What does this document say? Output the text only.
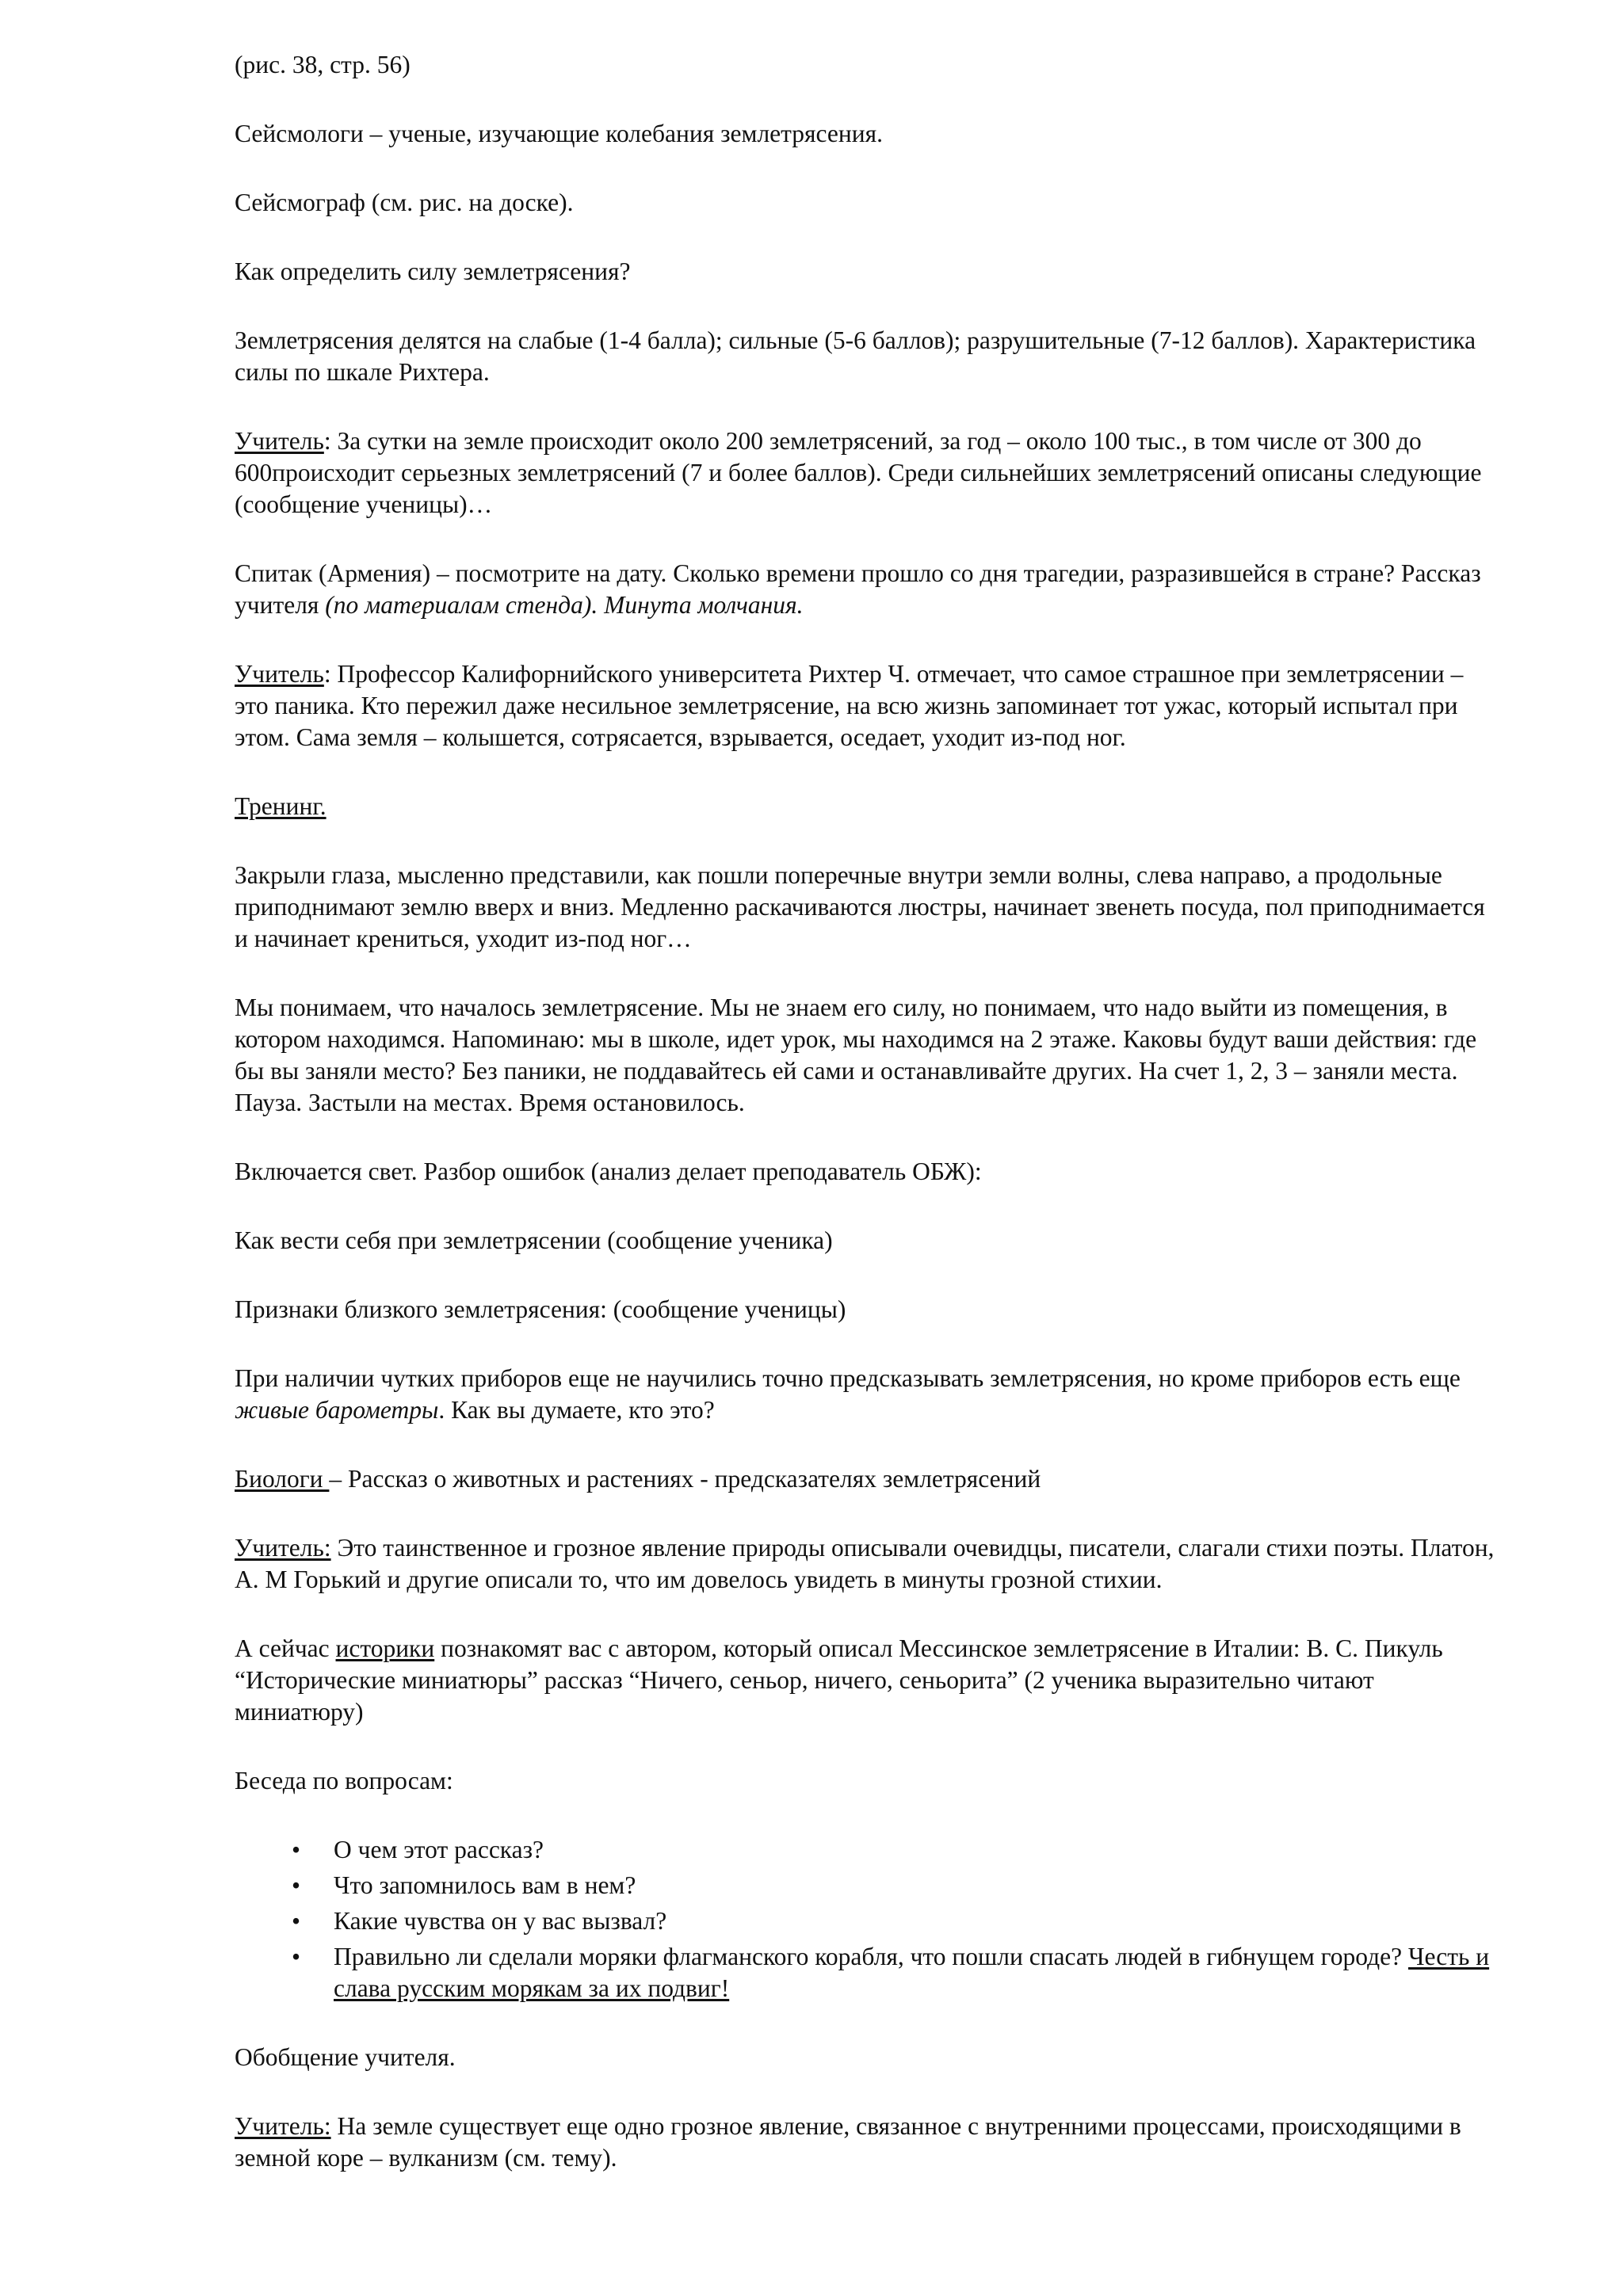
(рис. 38, стр. 56)

Сейсмологи – ученые, изучающие колебания землетрясения.

Сейсмограф (см. рис. на доске).

Как определить силу землетрясения?

Землетрясения делятся на слабые (1-4 балла); сильные (5-6 баллов); разрушительные (7-12 баллов). Характеристика силы по шкале Рихтера.

Учитель: За сутки на земле происходит около 200 землетрясений, за год – около 100 тыс., в том числе от 300 до 600происходит серьезных землетрясений (7 и более баллов). Среди сильнейших землетрясений описаны следующие (сообщение ученицы)…

Спитак (Армения) – посмотрите на дату. Сколько времени прошло со дня трагедии, разразившейся в стране? Рассказ учителя (по материалам стенда). Минута молчания.

Учитель: Профессор Калифорнийского университета Рихтер Ч. отмечает, что самое страшное при землетрясении – это паника. Кто пережил даже несильное землетрясение, на всю жизнь запоминает тот ужас, который испытал при этом. Сама земля – колышется, сотрясается, взрывается, оседает, уходит из-под ног.

Тренинг.

Закрыли глаза, мысленно представили, как пошли поперечные внутри земли волны, слева направо, а продольные приподнимают землю вверх и вниз. Медленно раскачиваются люстры, начинает звенеть посуда, пол приподнимается и начинает крениться, уходит из-под ног…

Мы понимаем, что началось землетрясение. Мы не знаем его силу, но понимаем, что надо выйти из помещения, в котором находимся. Напоминаю: мы в школе, идет урок, мы находимся на 2 этаже. Каковы будут ваши действия: где бы вы заняли место? Без паники, не поддавайтесь ей сами и останавливайте других. На счет 1, 2, 3 – заняли места. Пауза. Застыли на местах. Время остановилось.

Включается свет. Разбор ошибок (анализ делает преподаватель ОБЖ):

Как вести себя при землетрясении (сообщение ученика)

Признаки близкого землетрясения: (сообщение ученицы)

При наличии чутких приборов еще не научились точно предсказывать землетрясения, но кроме приборов есть еще живые барометры. Как вы думаете, кто это?

Биологи – Рассказ о животных и растениях - предсказателях землетрясений

Учитель: Это таинственное и грозное явление природы описывали очевидцы, писатели, слагали стихи поэты. Платон, А. М Горький и другие описали то, что им довелось увидеть в минуты грозной стихии.

А сейчас историки познакомят вас с автором, который описал Мессинское землетрясение в Италии: В. С. Пикуль “Исторические миниатюры” рассказ “Ничего, сеньор, ничего, сеньорита” (2 ученика выразительно читают миниатюру)

Беседа по вопросам:

• О чем этот рассказ?
• Что запомнилось вам в нем?
• Какие чувства он у вас вызвал?
• Правильно ли сделали моряки флагманского корабля, что пошли спасать людей в гибнущем городе? Честь и слава русским морякам за их подвиг!

Обобщение учителя.

Учитель: На земле существует еще одно грозное явление, связанное с внутренними процессами, происходящими в земной коре – вулканизм (см. тему).
